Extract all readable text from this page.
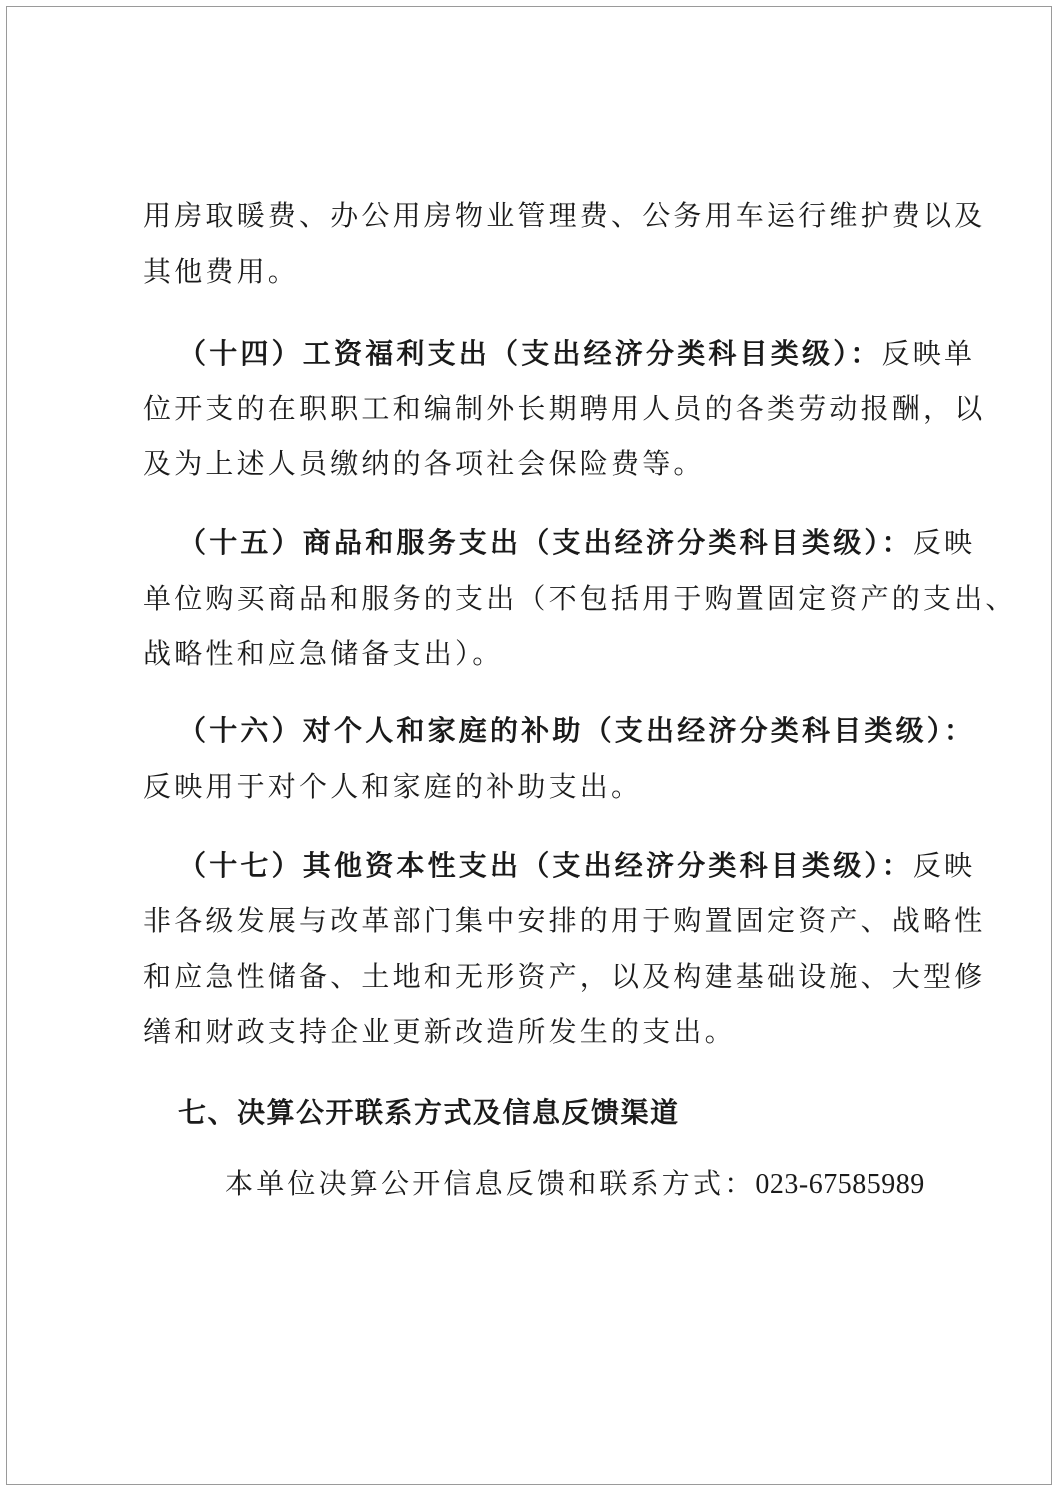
用房取暖费、办公用房物业管理费、公务用车运行维护费以及
其他费用。
（十四）工资福利支出（支出经济分类科目类级）：反映单
位开支的在职职工和编制外长期聘用人员的各类劳动报酬，以
及为上述人员缴纳的各项社会保险费等。
（十五）商品和服务支出（支出经济分类科目类级）：反映
单位购买商品和服务的支出（不包括用于购置固定资产的支出、
战略性和应急储备支出）。
（十六）对个人和家庭的补助（支出经济分类科目类级）：
反映用于对个人和家庭的补助支出。
（十七）其他资本性支出（支出经济分类科目类级）：反映
非各级发展与改革部门集中安排的用于购置固定资产、战略性
和应急性储备、土地和无形资产，以及构建基础设施、大型修
缮和财政支持企业更新改造所发生的支出。
七、决算公开联系方式及信息反馈渠道
本单位决算公开信息反馈和联系方式：023-67585989
